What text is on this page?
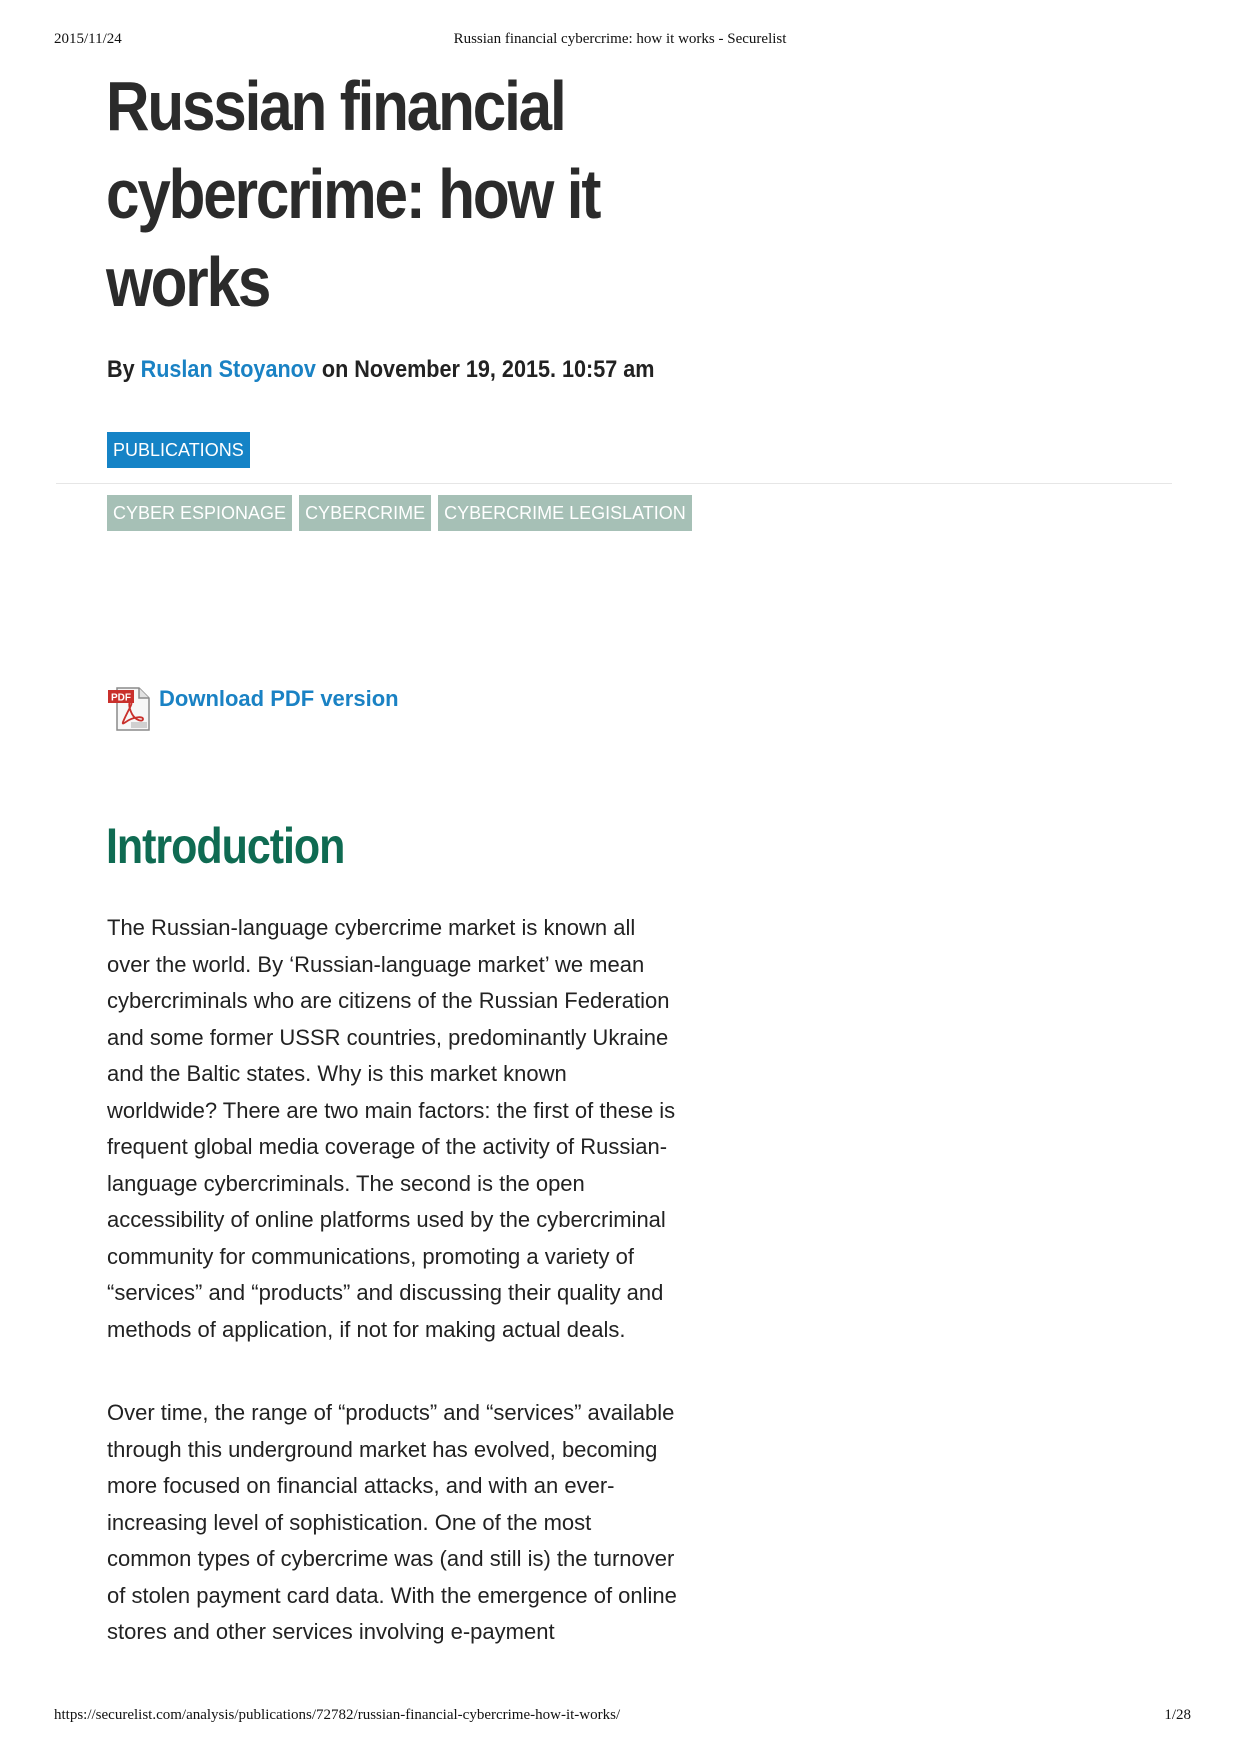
2015/11/24	Russian financial cybercrime: how it works - Securelist
Russian financial
cybercrime: how it
works
By Ruslan Stoyanov on November 19, 2015. 10:57 am
PUBLICATIONS
CYBER ESPIONAGE	CYBERCRIME	CYBERCRIME LEGISLATION
PDF Download PDF version
Introduction

The Russian-language cybercrime market is known all
over the world. By ‘Russian-language market’ we mean
cybercriminals who are citizens of the Russian Federation
and some former USSR countries, predominantly Ukraine
and the Baltic states. Why is this market known
worldwide? There are two main factors: the first of these is
frequent global media coverage of the activity of Russian-
language cybercriminals. The second is the open
accessibility of online platforms used by the cybercriminal
community for communications, promoting a variety of
“services” and “products” and discussing their quality and
methods of application, if not for making actual deals.

Over time, the range of “products” and “services” available
through this underground market has evolved, becoming
more focused on financial attacks, and with an ever-
increasing level of sophistication. One of the most
common types of cybercrime was (and still is) the turnover
of stolen payment card data. With the emergence of online
stores and other services involving e-payment

https://securelist.com/analysis/publications/72782/russian-financial-cybercrime-how-it-works/	1/28
